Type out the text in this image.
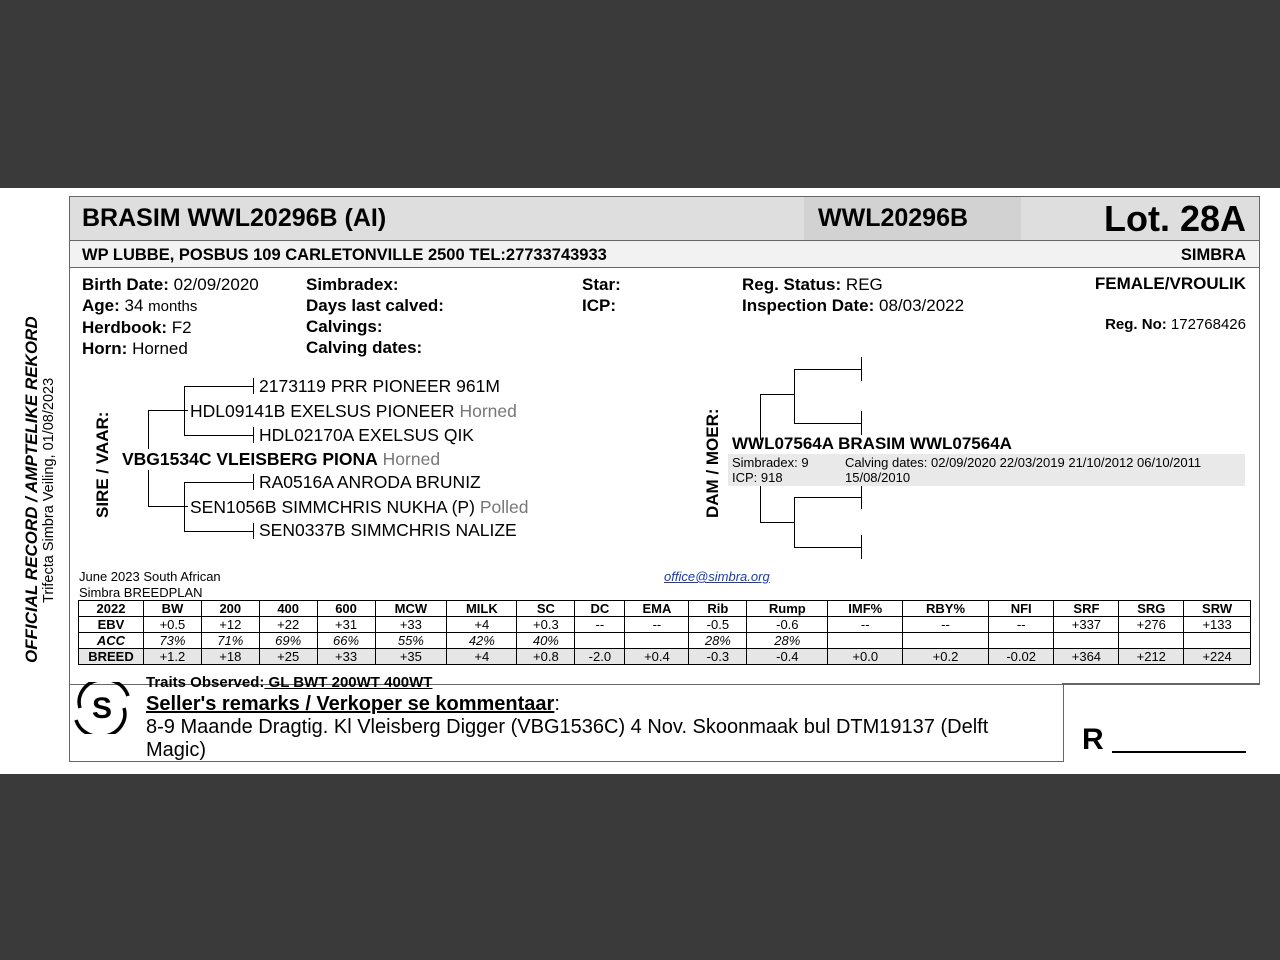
OFFICIAL RECORD / AMPTELIKE REKORD Trifecta Simbra Veiling, 01/08/2023
BRASIM WWL20296B (AI)	WWL20296B	Lot. 28A
WP LUBBE, POSBUS 109 CARLETONVILLE 2500 TEL:27733743933	SIMBRA
Birth Date: 02/09/2020
Age: 34 months
Herdbook: F2
Horn: Horned
Simbradex:
Days last calved:
Calvings:
Calving dates:
Star:
ICP:
Reg. Status: REG
Inspection Date: 08/03/2022
FEMALE/VROULIK
Reg. No: 172768426
SIRE / VAAR:
2173119 PRR PIONEER 961M
HDL09141B EXELSUS PIONEER Horned
HDL02170A EXELSUS QIK
VBG1534C VLEISBERG PIONA Horned
RA0516A ANRODA BRUNIZ
SEN1056B SIMMCHRIS NUKHA (P) Polled
SEN0337B SIMMCHRIS NALIZE
DAM / MOER: WWL07564A BRASIM WWL07564A
Simbradex: 9
ICP: 918
Calving dates: 02/09/2020 22/03/2019 21/10/2012 06/10/2011
15/08/2010
June 2023 South African
Simbra BREEDPLAN
office@simbra.org
2022	BW	200	400	600	MCW	MILK	SC	DC	EMA	Rib	Rump	IMF%	RBY%	NFI	SRF	SRG	SRW
EBV	+0.5	+12	+22	+31	+33	+4	+0.3	--	--	-0.5	-0.6	--	--	--	+337	+276	+133
ACC	73%	71%	69%	66%	55%	42%	40%			28%	28%						
BREED	+1.2	+18	+25	+33	+35	+4	+0.8	-2.0	+0.4	-0.3	-0.4	+0.0	+0.2	-0.02	+364	+212	+224
S
Traits Observed: GL BWT 200WT 400WT
Seller's remarks / Verkoper se kommentaar:
8-9 Maande Dragtig. Kl Vleisberg Digger (VBG1536C) 4 Nov. Skoonmaak bul DTM19137 (Delft
Magic)	R
